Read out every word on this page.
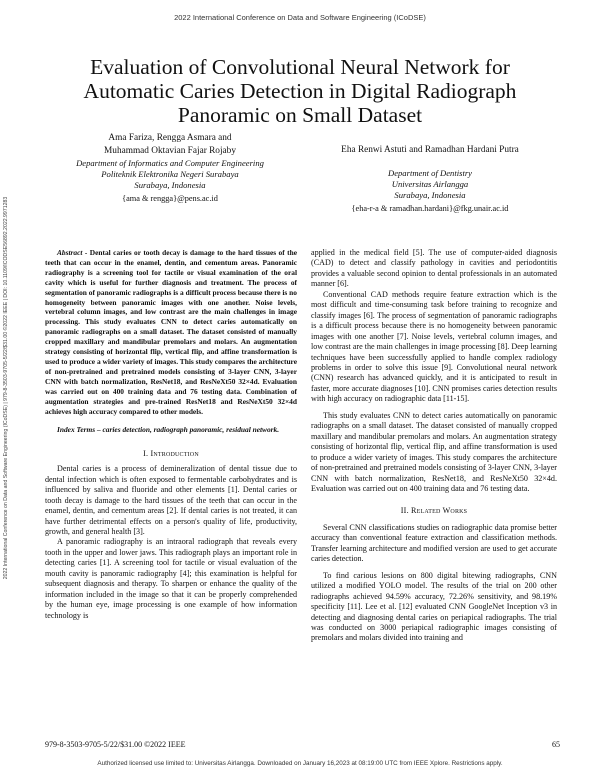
2022 International Conference on Data and Software Engineering (ICoDSE)
2022 International Conference on Data and Software Engineering (ICoDSE) | 979-8-3503-9705-5/22/$31.00 ©2022 IEEE | DOI: 10.1109/ICODSE56892.2022.9971283
Evaluation of Convolutional Neural Network for
Automatic Caries Detection in Digital Radiograph
Panoramic on Small Dataset
Ama Fariza, Rengga Asmara and
Muhammad Oktavian Fajar Rojaby
Department of Informatics and Computer Engineering
Politeknik Elektronika Negeri Surabaya
Surabaya, Indonesia
{ama & rengga}@pens.ac.id
Eha Renwi Astuti and Ramadhan Hardani Putra
Department of Dentistry
Universitas Airlangga
Surabaya, Indonesia
{eha-r-a & ramadhan.hardani}@fkg.unair.ac.id
Abstract - Dental caries or tooth decay is damage to the hard tissues of the teeth that can occur in the enamel, dentin, and cementum areas. Panoramic radiography is a screening tool for tactile or visual examination of the oral cavity which is useful for further diagnosis and treatment. The process of segmentation of panoramic radiographs is a difficult process because there is no homogeneity between panoramic images with one another. Noise levels, vertebral column images, and low contrast are the main challenges in image processing. This study evaluates CNN to detect caries automatically on panoramic radiographs on a small dataset. The dataset consisted of manually cropped maxillary and mandibular premolars and molars. An augmentation strategy consisting of horizontal flip, vertical flip, and affine transformation is used to produce a wider variety of images. This study compares the architecture of non-pretrained and pretrained models consisting of 3-layer CNN, 3-layer CNN with batch normalization, ResNet18, and ResNeXt50 32×4d. Evaluation was carried out on 400 training data and 76 testing data. Combination of augmentation strategies and pre-trained ResNet18 and ResNeXt50 32×4d achieves high accuracy compared to other models.
Index Terms – caries detection, radiograph panoramic, residual network.
I. Introduction

Dental caries is a process of demineralization of dental tissue due to dental infection which is often exposed to fermentable carbohydrates and is influenced by saliva and fluoride and other elements [1]. Dental caries or tooth decay is damage to the hard tissues of the teeth that can occur in the enamel, dentin, and cementum areas [2]. If dental caries is not treated, it can have further detrimental effects on a person's quality of life, productivity, growth, and general health [3].

A panoramic radiography is an intraoral radiograph that reveals every tooth in the upper and lower jaws. This radiograph plays an important role in detecting caries [1]. A screening tool for tactile or visual evaluation of the mouth cavity is panoramic radiography [4]; this examination is helpful for subsequent diagnosis and therapy. To sharpen or enhance the quality of the information included in the image so that it can be properly comprehended by the human eye, image processing is one example of how information technology is

applied in the medical field [5]. The use of computer-aided diagnosis (CAD) to detect and classify pathology in cavities and periodontitis provides a valuable second opinion to dental professionals in an automated manner [6].

Conventional CAD methods require feature extraction which is the most difficult and time-consuming task before training to recognize and classify images [6]. The process of segmentation of panoramic radiographs is a difficult process because there is no homogeneity between panoramic images with one another [7]. Noise levels, vertebral column images, and low contrast are the main challenges in image processing [8]. Deep learning techniques have been successfully applied to handle complex radiology problems in order to solve this issue [9]. Convolutional neural network (CNN) research has advanced quickly, and it is anticipated to result in faster, more accurate diagnoses [10]. CNN promises caries detection results with high accuracy on radiographic data [11-15].

This study evaluates CNN to detect caries automatically on panoramic radiographs on a small dataset. The dataset consisted of manually cropped maxillary and mandibular premolars and molars. An augmentation strategy consisting of horizontal flip, vertical flip, and affine transformation is used to produce a wider variety of images. This study compares the architecture of non-pretrained and pretrained models consisting of 3-layer CNN, 3-layer CNN with batch normalization, ResNet18, and ResNeXt50 32×4d. Evaluation was carried out on 400 training data and 76 testing data.

II. Related Works

Several CNN classifications studies on radiographic data promise better accuracy than conventional feature extraction and classification methods. Transfer learning architecture and modified version are used to get accurate caries detection.

To find carious lesions on 800 digital bitewing radiographs, CNN utilized a modified YOLO model. The results of the trial on 200 other radiographs achieved 94.59% accuracy, 72.26% sensitivity, and 98.19% specificity [11]. Lee et al. [12] evaluated CNN GoogleNet Inception v3 in detecting and diagnosing dental caries on periapical radiographs. The trial was conducted on 3000 periapical radiographic images consisting of premolars and molars divided into training and

979-8-3503-9705-5/22/$31.00 ©2022 IEEE	65
Authorized licensed use limited to: Universitas Airlangga. Downloaded on January 16,2023 at 08:19:00 UTC from IEEE Xplore. Restrictions apply.
